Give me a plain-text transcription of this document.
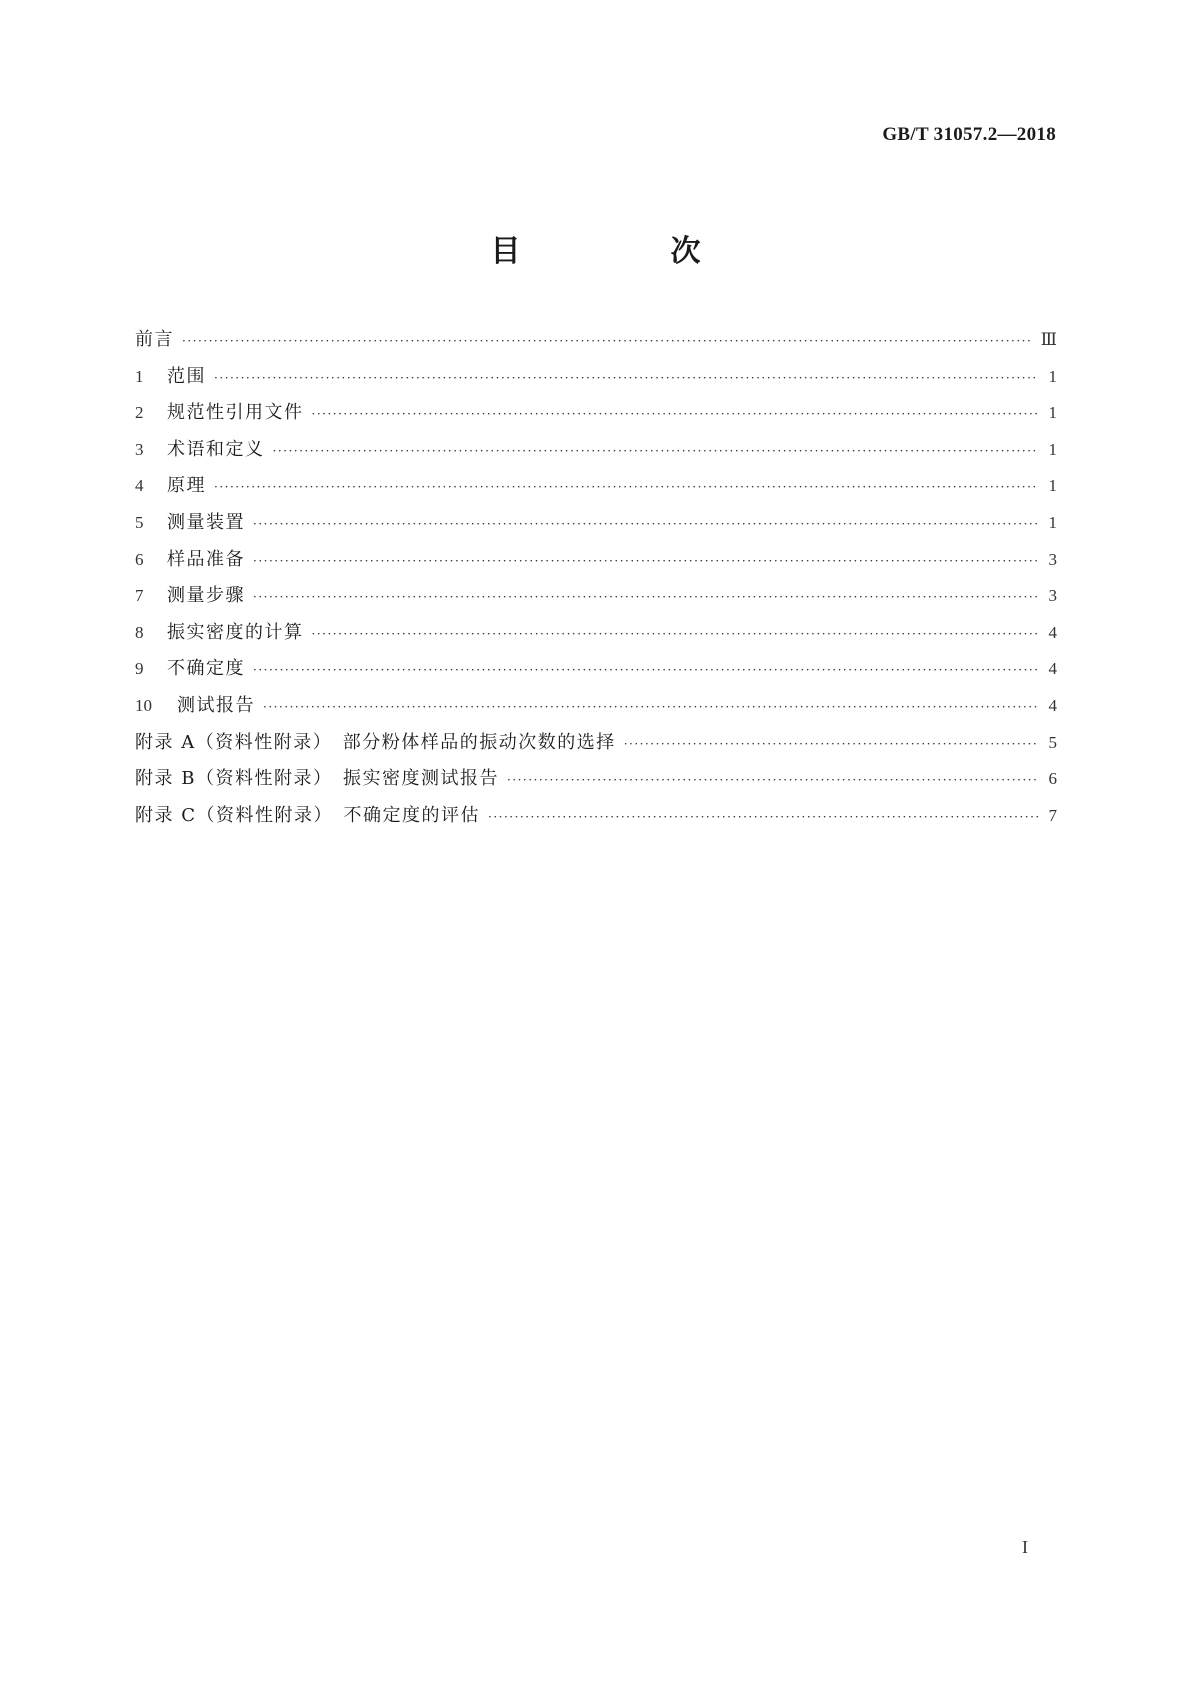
GB/T 31057.2—2018
目　次
前言 ·····	Ⅲ
1	范围 ·····	1
2	规范性引用文件 ·····	1
3	术语和定义 ·····	1
4	原理 ·····	1
5	测量装置 ·····	1
6	样品准备 ·····	3
7	测量步骤 ·····	3
8	振实密度的计算 ·····	4
9	不确定度 ·····	4
10	测试报告 ·····	4
附录 A（资料性附录）　部分粉体样品的振动次数的选择 ·····	5
附录 B（资料性附录）　振实密度测试报告 ·····	6
附录 C（资料性附录）　不确定度的评估 ·····	7
I
